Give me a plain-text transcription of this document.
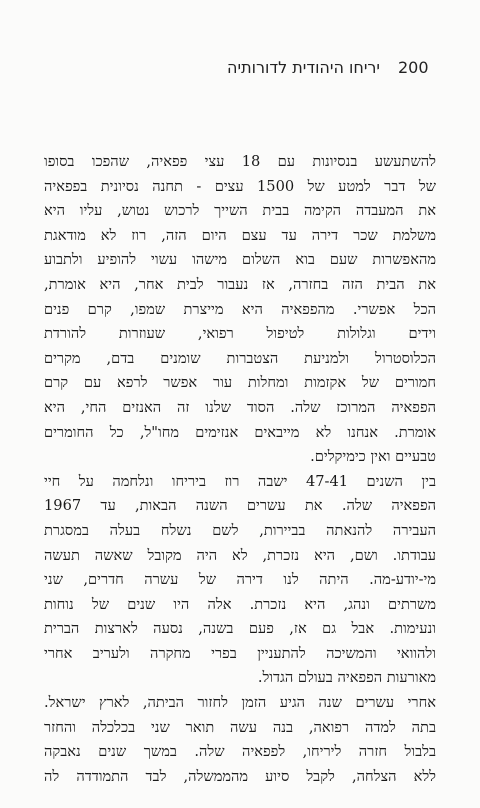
200
יריחו היהודית לדורותיה
להשתעשע בנסיונות עם 18 עצי פפאיה, שהפכו בסופו
של דבר למטע של 1500 עצים - תחנה נסיונית בפפאיה
את המעבדה הקימה בבית השייך לרכוש נטוש, עליו היא
משלמת שכר דירה עד עצם היום הזה, רוז לא מודאגת
מהאפשרות שעם בוא השלום מישהו עשוי להופיע ולתבוע
את הבית הזה בחזרה, אז נעבור לבית אחר, היא אומרת,
הכל אפשרי. מהפפאיה היא מייצרת שמפו, קרם פנים
וידים וגלולות לטיפול רפואי, שעוזרות להורדת
הכלוסטרול ולמניעת הצטברות שומנים בדם, מקרים
חמורים של אקזמות ומחלות עור אפשר לרפא עם קרם
הפפאיה המרוכז שלה. הסוד שלנו זה האנזים החי, היא
אומרת. אנחנו לא מייבאים אנזימים מחו"ל, כל החומרים
טבעיים ואין כימיקלים.
בין השנים 47-41 ישבה רוז ביריחו ונלחמה על חיי
הפפאיה שלה. את עשרים השנה הבאות, עד 1967
העבירה להנאתה בביירות, לשם נשלח בעלה במסגרת
עבודתו. ושם, היא נזכרת, לא היה מקובל שאשה תעשה
מי-יודע-מה. היתה לנו דירה של עשרה חדרים, שני
משרתים ונהג, היא נזכרת. אלה היו שנים של נוחות
ונעימות. אבל גם אז, פעם בשנה, נסעה לארצות הברית
ולהוואי והמשיכה להתעניין בפרי מחקרה ולעריב אחרי
מאורעות הפפאיה בעולם הגדול.
אחרי עשרים שנה הגיע הזמן לחזור הביתה, לארץ ישראל.
בתה למדה רפואה, בנה עשה תואר שני בכלכלה והחזר
בלבול חזרה ליריחו, לפפאיה שלה. במשך שנים נאבקה
ללא הצלחה, לקבל סיוע מהממשלה, לבד התמודדה לה
